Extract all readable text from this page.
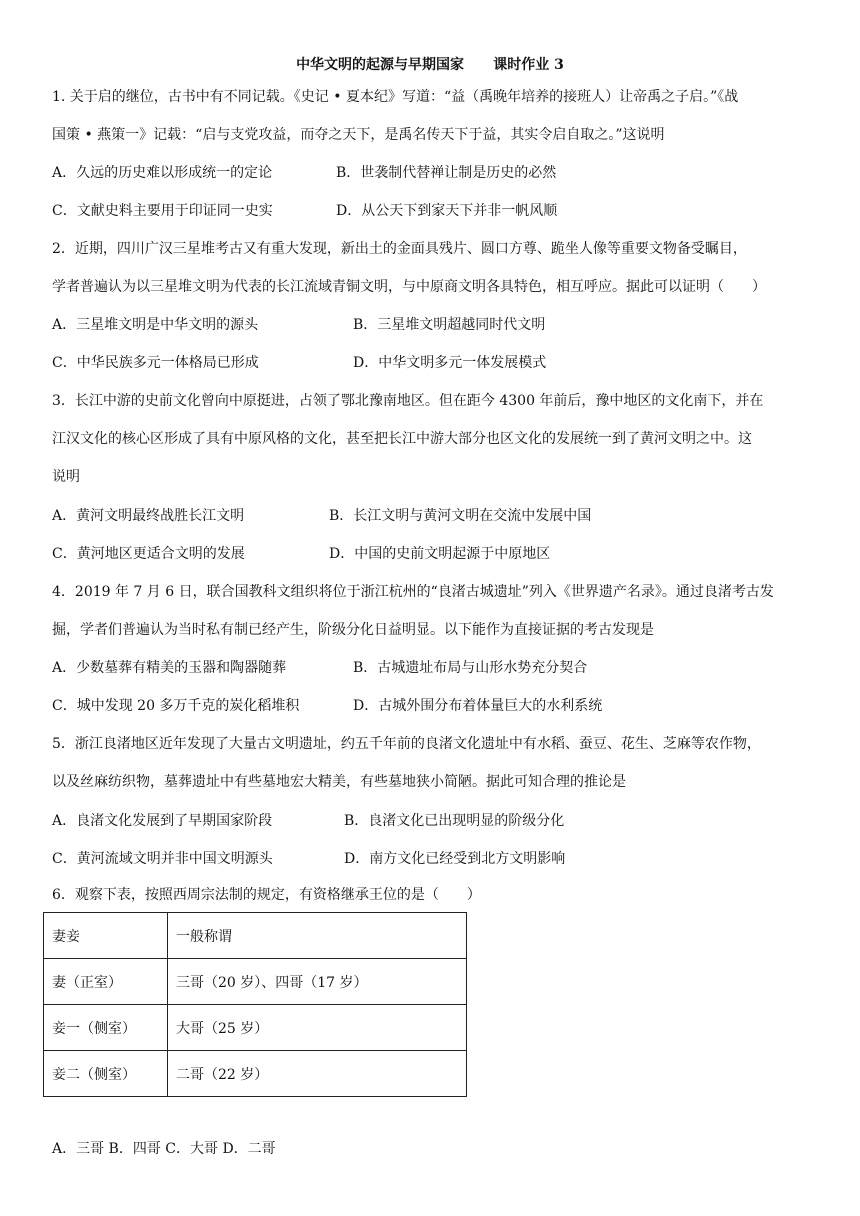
中华文明的起源与早期国家      课时作业 3
1. 关于启的继位，古书中有不同记载。《史记 • 夏本纪》写道：“益（禹晚年培养的接班人）让帝禹之子启。”《战
国策 • 燕策一》记载：“启与支党攻益，而夺之天下，是禹名传天下于益，其实令启自取之。”这说明
A．久远的历史难以形成统一的定论	B．世袭制代替禅让制是历史的必然
C．文献史料主要用于印证同一史实	D．从公天下到家天下并非一帆风顺
2．近期，四川广汉三星堆考古又有重大发现，新出土的金面具残片、圆口方尊、跪坐人像等重要文物备受瞩目，
学者普遍认为以三星堆文明为代表的长江流域青铜文明，与中原商文明各具特色，相互呼应。据此可以证明（　　）
A．三星堆文明是中华文明的源头	B．三星堆文明超越同时代文明
C．中华民族多元一体格局已形成	D．中华文明多元一体发展模式
3．长江中游的史前文化曾向中原挺进，占领了鄂北豫南地区。但在距今 4300 年前后，豫中地区的文化南下，并在
江汉文化的核心区形成了具有中原风格的文化，甚至把长江中游大部分也区文化的发展统一到了黄河文明之中。这
说明
A．黄河文明最终战胜长江文明	B．长江文明与黄河文明在交流中发展中国
C．黄河地区更适合文明的发展	D．中国的史前文明起源于中原地区
4．2019 年 7 月 6 日，联合国教科文组织将位于浙江杭州的“良渚古城遗址”列入《世界遗产名录》。通过良渚考古发
掘，学者们普遍认为当时私有制已经产生，阶级分化日益明显。以下能作为直接证据的考古发现是
A．少数墓葬有精美的玉器和陶器随葬	B．古城遗址布局与山形水势充分契合
C．城中发现 20 多万千克的炭化稻堆积	D．古城外围分布着体量巨大的水利系统
5．浙江良渚地区近年发现了大量古文明遗址，约五千年前的良渚文化遗址中有水稻、蚕豆、花生、芝麻等农作物，
以及丝麻纺织物，墓葬遗址中有些墓地宏大精美，有些墓地狭小简陋。据此可知合理的推论是
A．良渚文化发展到了早期国家阶段	B．良渚文化已出现明显的阶级分化
C．黄河流域文明并非中国文明源头	D．南方文化已经受到北方文明影响
6．观察下表，按照西周宗法制的规定，有资格继承王位的是（　　）
妻妾	一般称谓
妻（正室）	三哥（20 岁）、四哥（17 岁）
妾一（侧室）	大哥（25 岁）
妾二（侧室）	二哥（22 岁）
A．三哥 B．四哥 C．大哥 D．二哥
